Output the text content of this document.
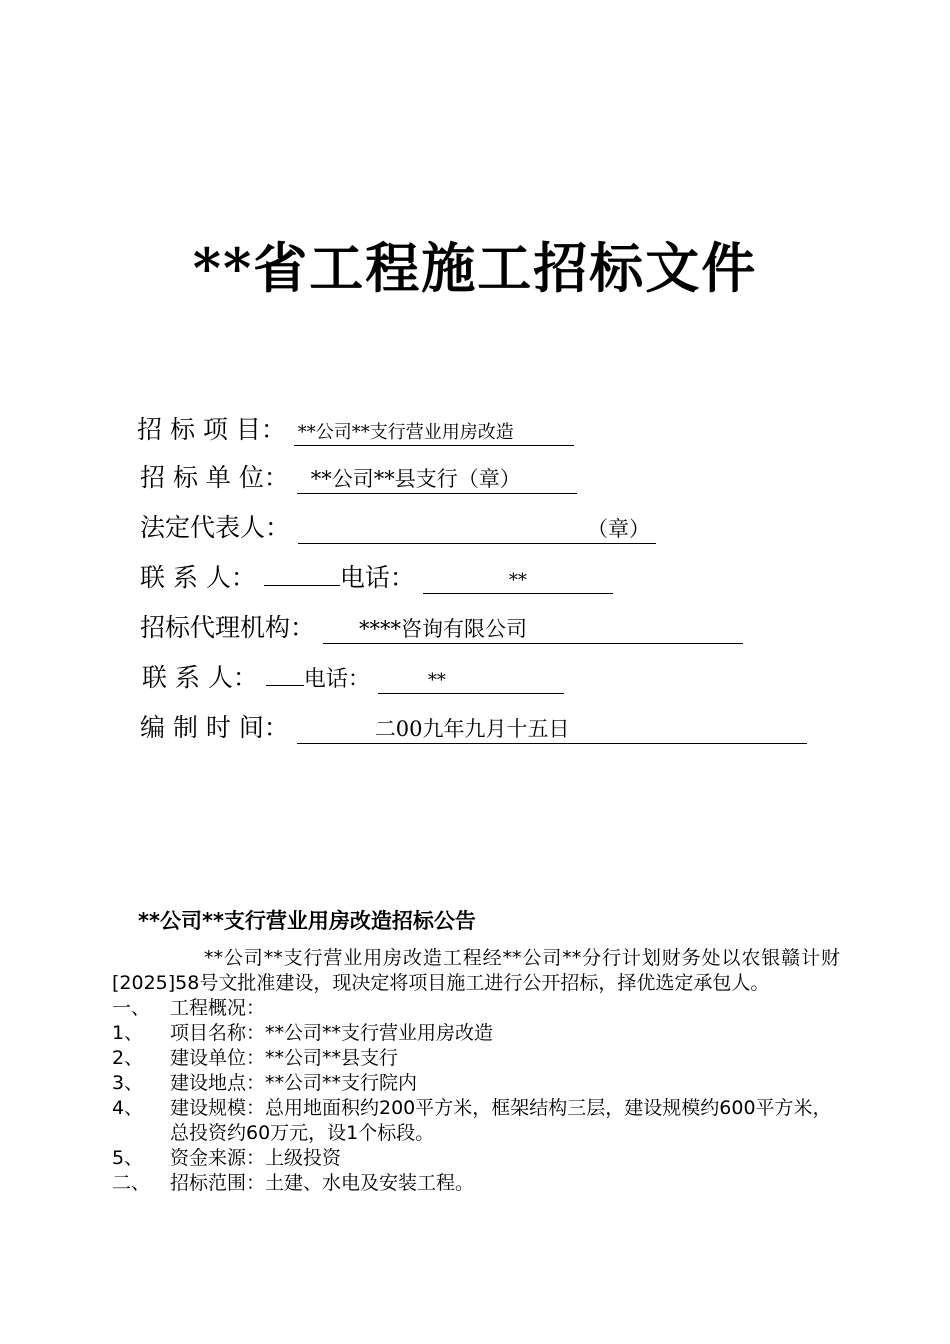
**省工程施工招标文件
招 标 项 目： **公司**支行营业用房改造
招 标 单 位： **公司**县支行（章）
法定代表人：	（章）
联 系 人：	电话：	**
招标代理机构： ****咨询有限公司
联 系 人： 电话：	**
编 制 时 间：	二00九年九月十五日
**公司**支行营业用房改造招标公告

**公司**支行营业用房改造工程经**公司**分行计划财务处以农银赣计财[2025]58号文批准建设，现决定将项目施工进行公开招标，择优选定承包人。

一、	工程概况：
1、	项目名称：**公司**支行营业用房改造
2、	建设单位：**公司**县支行
3、	建设地点：**公司**支行院内
4、	建设规模：总用地面积约200平方米，框架结构三层，建设规模约600平方米，总投资约60万元，设1个标段。
5、	资金来源：上级投资
二、	招标范围：土建、水电及安装工程。
